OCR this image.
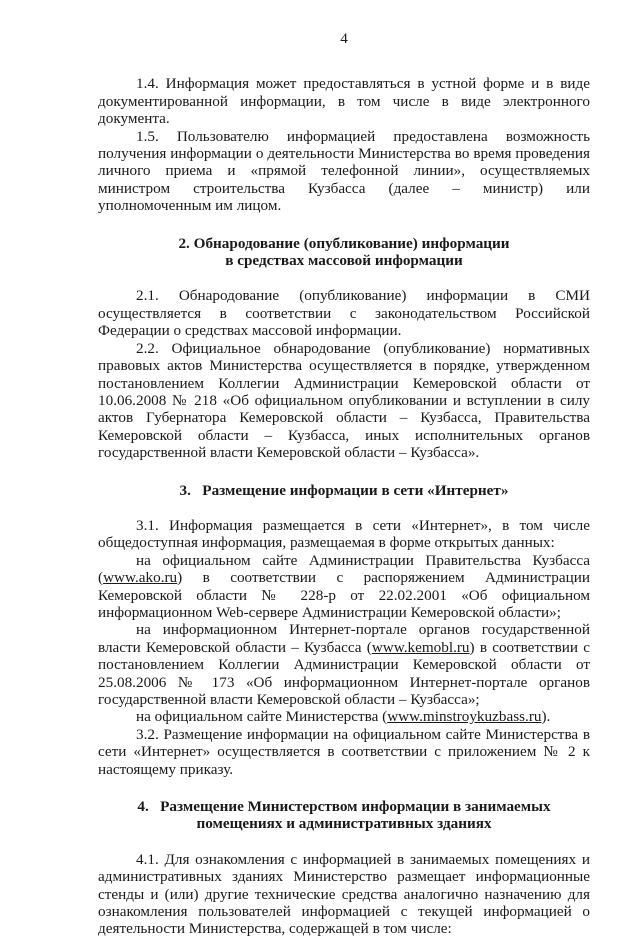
4

1.4. Информация может предоставляться в устной форме и в виде документированной информации, в том числе в виде электронного документа.

1.5. Пользователю информацией предоставлена возможность получения информации о деятельности Министерства во время проведения личного приема и «прямой телефонной линии», осуществляемых министром строительства Кузбасса (далее – министр) или уполномоченным им лицом.

2. Обнародование (опубликование) информации
в средствах массовой информации

2.1. Обнародование (опубликование) информации в СМИ осуществляется в соответствии с законодательством Российской Федерации о средствах массовой информации.

2.2. Официальное обнародование (опубликование) нормативных правовых актов Министерства осуществляется в порядке, утвержденном постановлением Коллегии Администрации Кемеровской области от 10.06.2008 № 218 «Об официальном опубликовании и вступлении в силу актов Губернатора Кемеровской области – Кузбасса, Правительства Кемеровской области – Кузбасса, иных исполнительных органов государственной власти Кемеровской области – Кузбасса».

3.   Размещение информации в сети «Интернет»

3.1. Информация размещается в сети «Интернет», в том числе общедоступная информация, размещаемая в форме открытых данных:

на официальном сайте Администрации Правительства Кузбасса (www.ako.ru) в соответствии с распоряжением Администрации Кемеровской области № 228-р от 22.02.2001 «Об официальном информационном Web-сервере Администрации Кемеровской области»;

на информационном Интернет-портале органов государственной власти Кемеровской области – Кузбасса (www.kemobl.ru) в соответствии с постановлением Коллегии Администрации Кемеровской области от 25.08.2006 № 173 «Об информационном Интернет-портале органов государственной власти Кемеровской области – Кузбасса»;

на официальном сайте Министерства (www.minstroykuzbass.ru).

3.2. Размещение информации на официальном сайте Министерства в сети «Интернет» осуществляется в соответствии с приложением № 2 к настоящему приказу.

4.   Размещение Министерством информации в занимаемых
помещениях и административных зданиях

4.1. Для ознакомления с информацией в занимаемых помещениях и административных зданиях Министерство размещает информационные стенды и (или) другие технические средства аналогично назначению для ознакомления пользователей информацией с текущей информацией о деятельности Министерства, содержащей в том числе:
